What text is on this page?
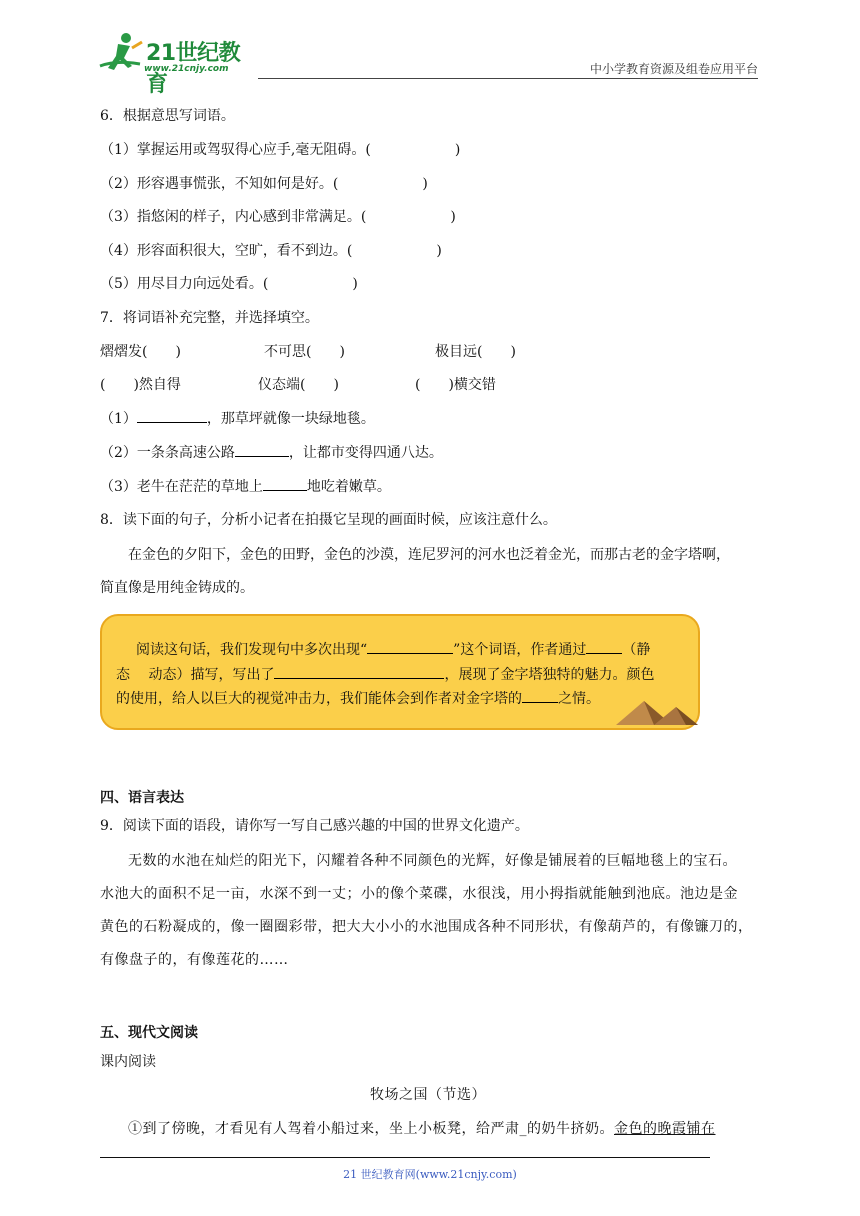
21世纪教育
www.21cnjy.com	中小学教育资源及组卷应用平台
6．根据意思写词语。
（1）掌握运用或驾驭得心应手,毫无阻碍。(　　　　　　)
（2）形容遇事慌张，不知如何是好。(　　　　　　)
（3）指悠闲的样子，内心感到非常满足。(　　　　　　)
（4）形容面积很大，空旷，看不到边。(　　　　　　)
（5）用尽目力向远处看。(　　　　　　)
7．将词语补充完整，并选择填空。
熠熠发(　　)	不可思(　　)	极目远(　　)
(　　)然自得	仪态端(　　)	(　　)横交错
（1）	，那草坪就像一块绿地毯。
（2）一条条高速公路	，让都市变得四通八达。
（3）老牛在茫茫的草地上	地吃着嫩草。
8．读下面的句子，分析小记者在拍摄它呈现的画面时候，应该注意什么。
在金色的夕阳下，金色的田野，金色的沙漠，连尼罗河的河水也泛着金光，而那古老的金字塔啊，
简直像是用纯金铸成的。
阅读这句话，我们发现句中多次出现“	”这个词语，作者通过	（静
态　 动态）描写，写出了	，展现了金字塔独特的魅力。颜色
的使用，给人以巨大的视觉冲击力，我们能体会到作者对金字塔的	之情。
四、语言表达
9．阅读下面的语段，请你写一写自己感兴趣的中国的世界文化遗产。
无数的水池在灿烂的阳光下，闪耀着各种不同颜色的光辉，好像是铺展着的巨幅地毯上的宝石。
水池大的面积不足一亩，水深不到一丈；小的像个菜碟，水很浅，用小拇指就能触到池底。池边是金
黄色的石粉凝成的，像一圈圈彩带，把大大小小的水池围成各种不同形状，有像葫芦的，有像镰刀的，
有像盘子的，有像莲花的……
五、现代文阅读
课内阅读
牧场之国（节选）
①到了傍晚，才看见有人驾着小船过来，坐上小板凳，给严肃_的奶牛挤奶。金色的晚霞铺在
21 世纪教育网(www.21cnjy.com)
